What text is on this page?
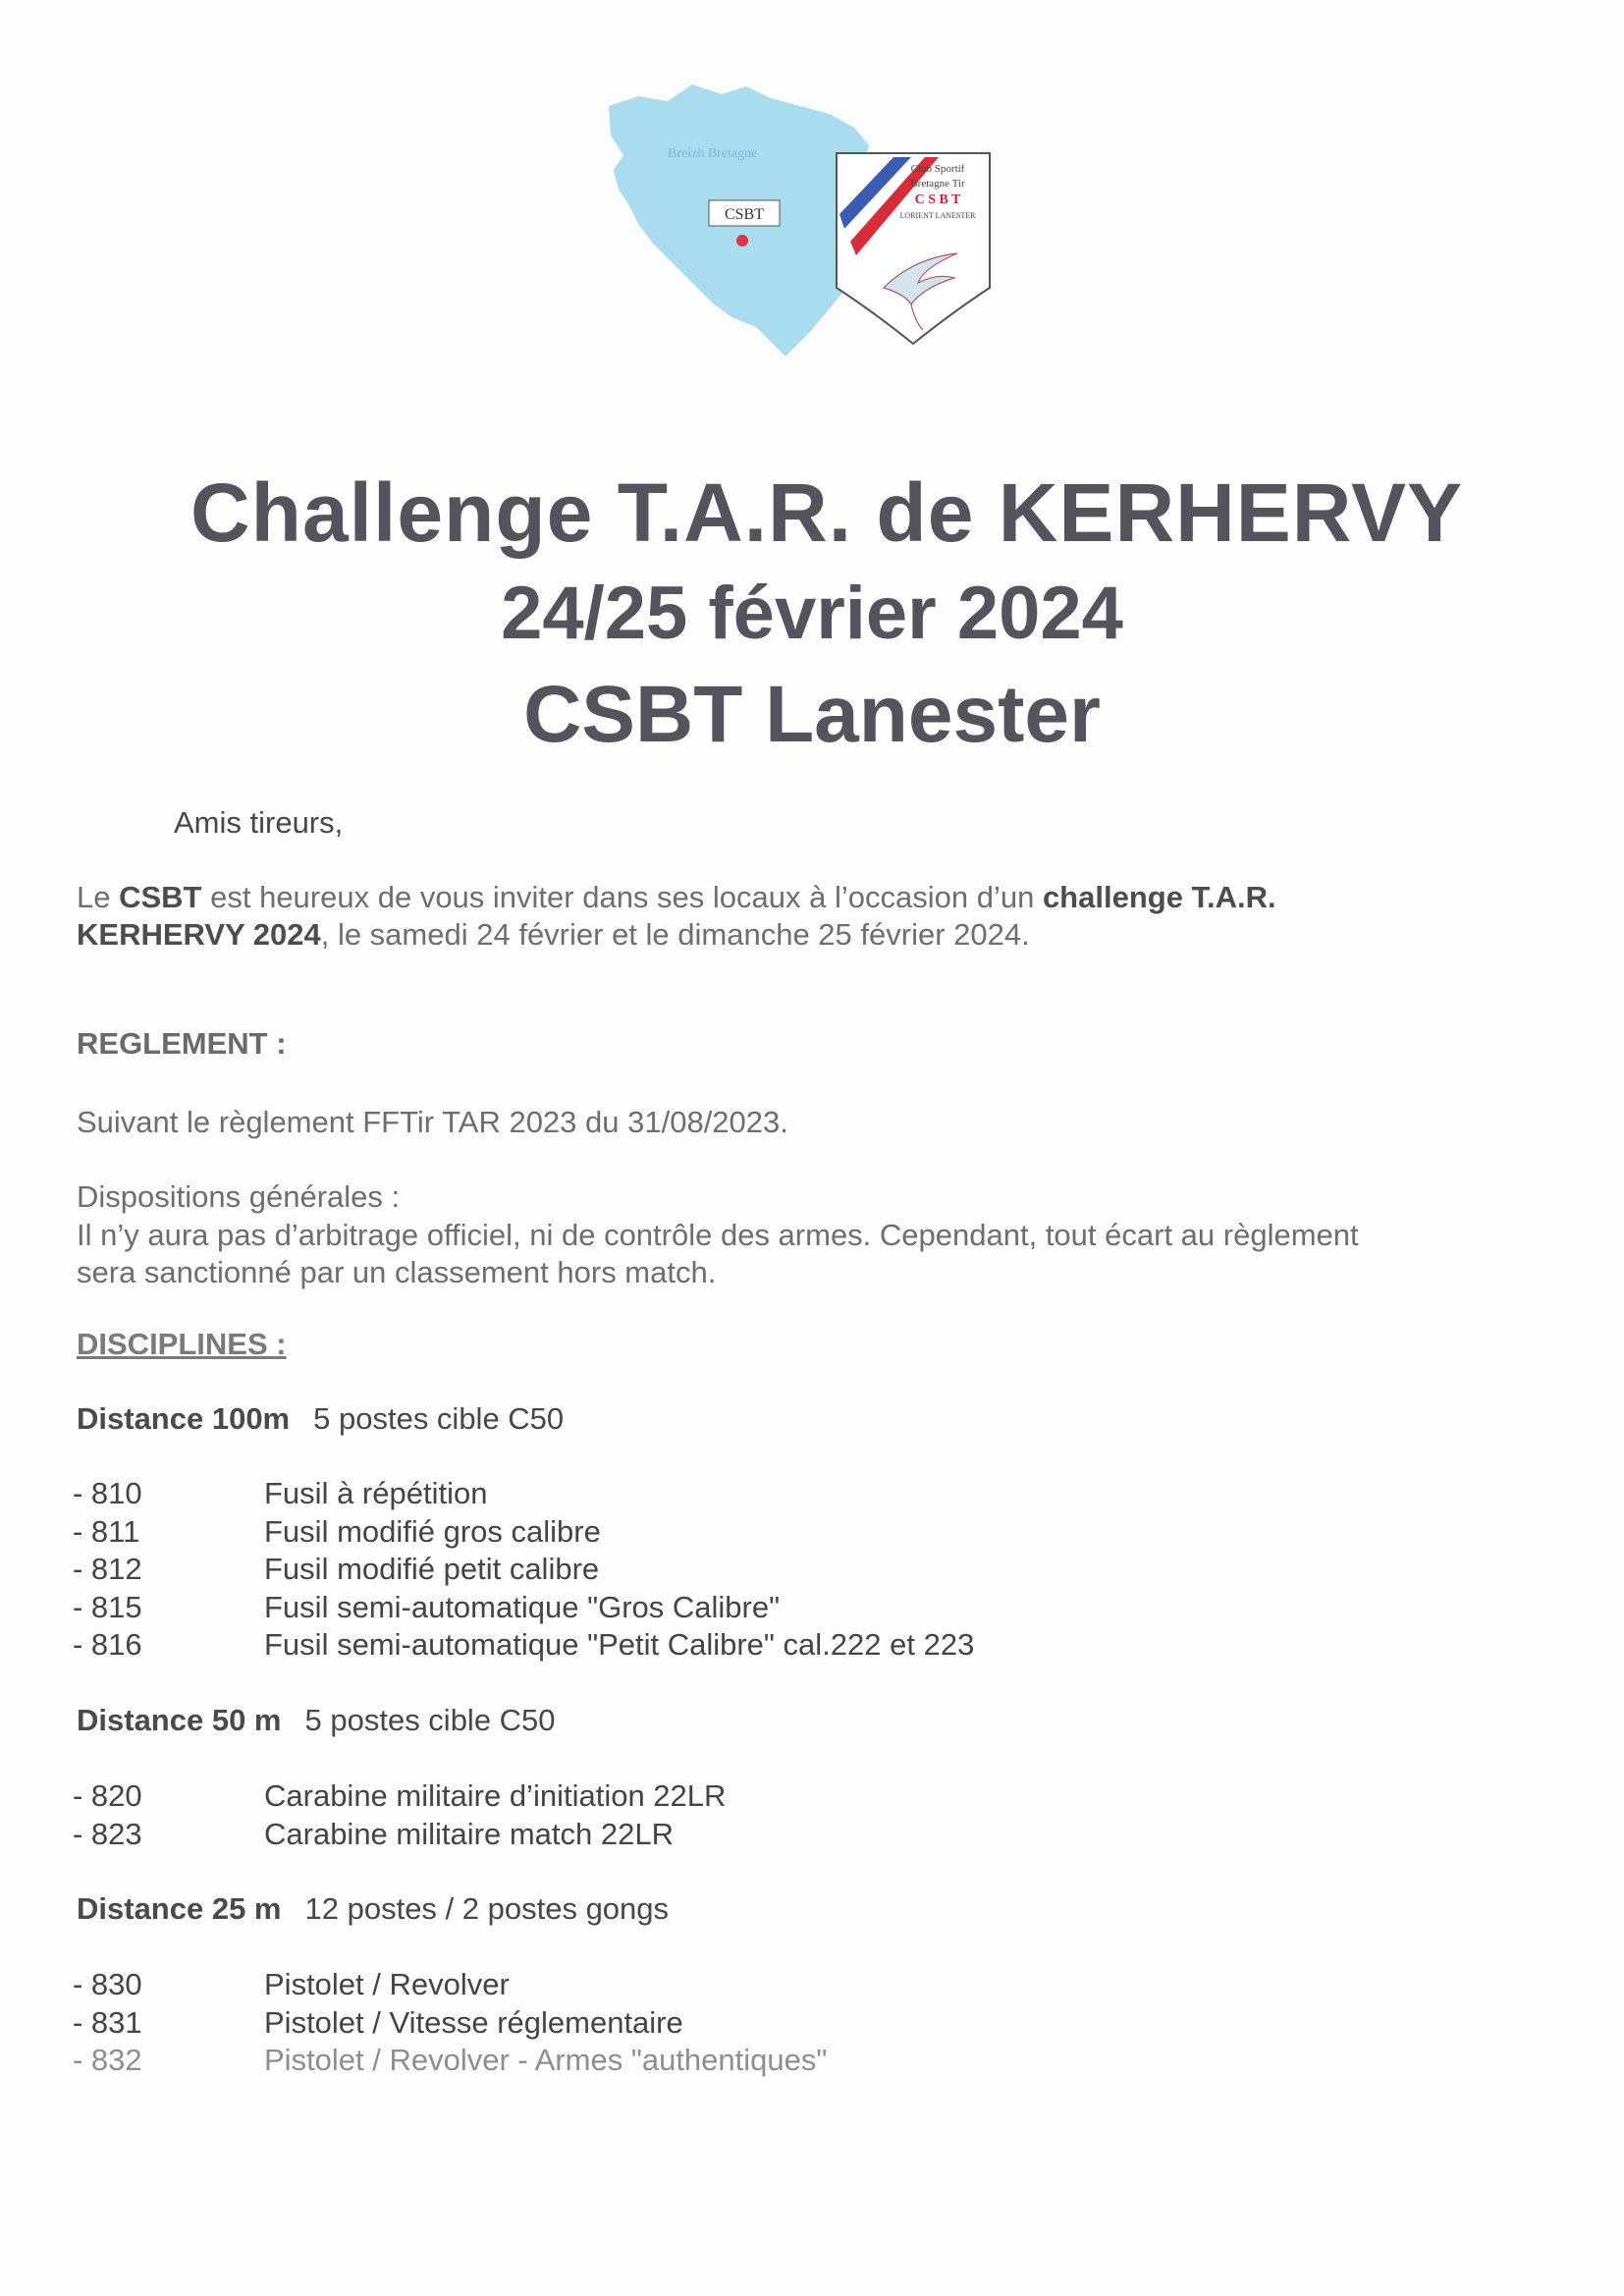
CSBT
Breizh Bretagne
Club Sportif
Bretagne Tir
C S B T
LORIENT LANESTER
Challenge T.A.R. de KERHERVY
24/25 février 2024
CSBT Lanester
Amis tireurs,
Le CSBT est heureux de vous inviter dans ses locaux à l’occasion d’un challenge T.A.R.
KERHERVY 2024, le samedi 24 février et le dimanche 25 février 2024.
REGLEMENT :
Suivant le règlement FFTir TAR 2023 du 31/08/2023.
Dispositions générales :
Il n’y aura pas d’arbitrage officiel, ni de contrôle des armes. Cependant, tout écart au règlement
sera sanctionné par un classement hors match.
DISCIPLINES :
Distance 100m 5 postes cible C50
- 810	Fusil à répétition
- 811	Fusil modifié gros calibre
- 812	Fusil modifié petit calibre
- 815	Fusil semi-automatique "Gros Calibre"
- 816	Fusil semi-automatique "Petit Calibre" cal.222 et 223
Distance 50 m 5 postes cible C50
- 820	Carabine militaire d’initiation 22LR
- 823	Carabine militaire match 22LR
Distance 25 m 12 postes / 2 postes gongs
- 830	Pistolet / Revolver
- 831	Pistolet / Vitesse réglementaire
- 832	Pistolet / Revolver - Armes "authentiques"
